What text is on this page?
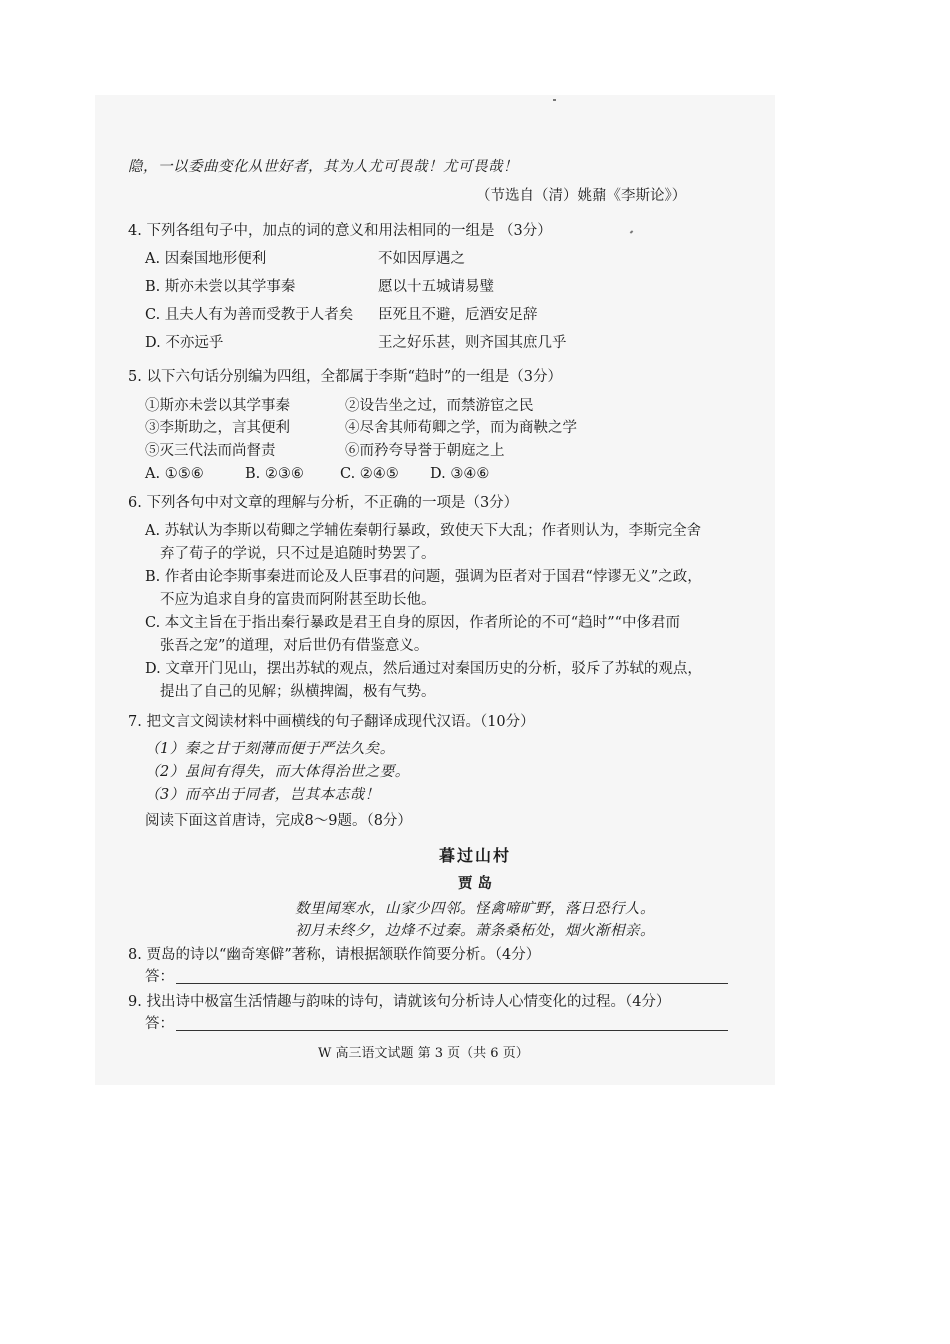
隐，一以委曲变化从世好者，其为人尤可畏哉！尤可畏哉！
（节选自（清）姚鼐《李斯论》）
4. 下列各组句子中，加点的词的意义和用法相同的一组是 （3分）
A. 因秦国地形便利	不如因厚遇之
B. 斯亦未尝以其学事秦	愿以十五城请易璧
C. 且夫人有为善而受教于人者矣 臣死且不避，卮酒安足辞
D. 不亦远乎	王之好乐甚，则齐国其庶几乎
5. 以下六句话分别编为四组，全都属于李斯“趋时”的一组是（3分）
①斯亦未尝以其学事秦	②设告坐之过，而禁游宦之民
③李斯助之，言其便利	④尽舍其师荀卿之学，而为商鞅之学
⑤灭三代法而尚督责	⑥而矜夸导誉于朝庭之上
A. ①⑤⑥	B. ②③⑥ C. ②④⑤ D. ③④⑥
6. 下列各句中对文章的理解与分析，不正确的一项是（3分）
A. 苏轼认为李斯以荀卿之学辅佐秦朝行暴政，致使天下大乱；作者则认为，李斯完全舍
弃了荀子的学说，只不过是追随时势罢了。
B. 作者由论李斯事秦进而论及人臣事君的问题，强调为臣者对于国君“悖谬无义”之政，
不应为追求自身的富贵而阿附甚至助长他。
C. 本文主旨在于指出秦行暴政是君王自身的原因，作者所论的不可“趋时”“中侈君而
张吾之宠”的道理，对后世仍有借鉴意义。
D. 文章开门见山，摆出苏轼的观点，然后通过对秦国历史的分析，驳斥了苏轼的观点，
提出了自己的见解；纵横捭阖，极有气势。
7. 把文言文阅读材料中画横线的句子翻译成现代汉语。（10分）
（1）秦之甘于刻薄而便于严法久矣。
（2）虽间有得失，而大体得治世之要。
（3）而卒出于同者，岂其本志哉！
阅读下面这首唐诗，完成8～9题。（8分）
暮过山村
贾 岛
数里闻寒水，山家少四邻。怪禽啼旷野，落日恐行人。
初月未终夕，边烽不过秦。萧条桑柘处，烟火渐相亲。
8. 贾岛的诗以“幽奇寒僻”著称，请根据颔联作简要分析。（4分）
答：
9. 找出诗中极富生活情趣与韵味的诗句，请就该句分析诗人心情变化的过程。（4分）
答：
W 高三语文试题 第 3 页（共 6 页）
